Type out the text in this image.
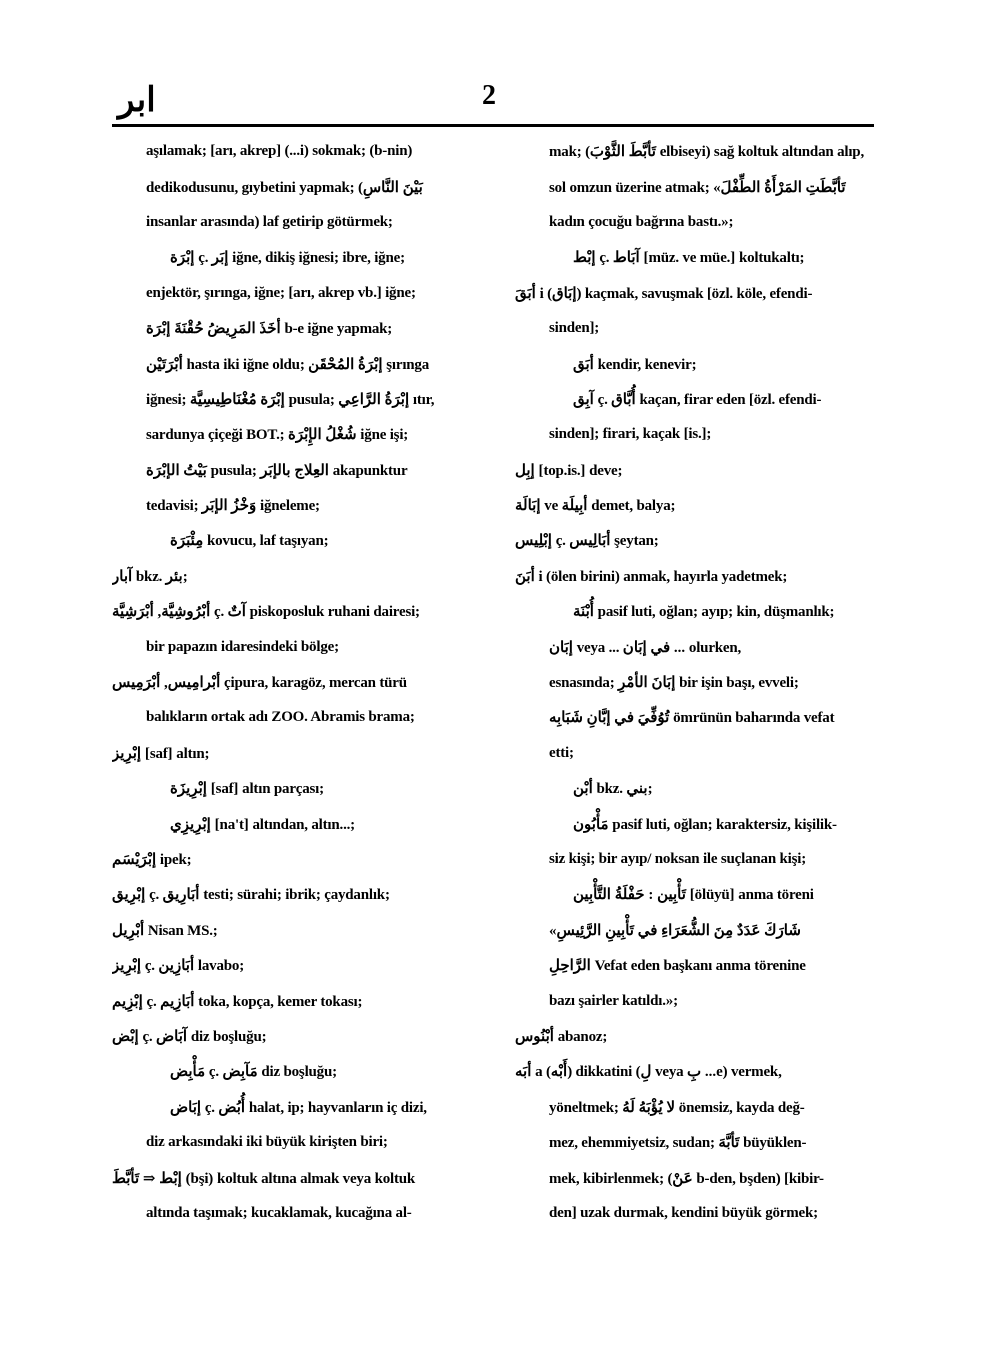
ابر	2
aşılamak; [arı, akrep] (...i) sokmak; (b-nin)
dedikodusunu, gıybetini yapmak; (بَيْنَ النَّاسِ
insanlar arasında) laf getirip götürmek;
إبْرَة ç. إبَر iğne, dikiş iğnesi; ibre, iğne;
enjektör, şırınga, iğne; [arı, akrep vb.] iğne;
أخَذَ المَرِيضُ حُقْنَةَ إبْرَة b-e iğne yapmak;
أبْرَتَيْن hasta iki iğne oldu; إبْرَةُ المُحْقَن şırınga
iğnesi; إبْرَة مُغْنَاطِيسِيَّة pusula; إبْرَةُ الرَّاعِي ıtır,
sardunya çiçeği BOT.; شُغْلُ الإِبْرَة iğne işi;
بَيْتُ الإبْرَة pusula; العِلاج بالإبَر akapunktur
tedavisi; وَخْزُ الإبَر iğneleme;
مِئْبَرَة kovucu, laf taşıyan;
آبار bkz. بئر;
أبْرُوشِيَّة, أبْرَشِيَّة ç. آتٌ piskoposluk ruhani dairesi;
bir papazın idaresindeki bölge;
أبْرامِيس, أبْرَمِيس çipura, karagöz, mercan türü
balıkların ortak adı ZOO. Abramis brama;
إبْرِيز [saf] altın;
إبْرِيزَة [saf] altın parçası;
إبْرِيزِي [na't] altından, altın...;
إبْرَيْسَم ipek;
إبْرِيق ç. أبَارِيق testi; sürahi; ibrik; çaydanlık;
أبْرِيل Nisan MS.;
إبْرِيز ç. أبَازِين lavabo;
إبْزِيم ç. أبَازِيم toka, kopça, kemer tokası;
إبْض ç. آبَاض diz boşluğu;
مَأْبِض ç. مَآبِض diz boşluğu;
إبَاض ç. أُبُض halat, ip; hayvanların iç dizi,
diz arkasındaki iki büyük kirişten biri;
إبْط ⇒ تَأبَّطَ (bşi) koltuk altına almak veya koltuk
altında taşımak; kucaklamak, kucağına al-
mak; (تَأبَّطَ الثَّوْبَ elbiseyi) sağ koltuk altından alıp,
sol omzun üzerine atmak; «تَأبَّطَتِ المَرْأَةُ الطِّفْلَ
kadın çocuğu bağrına bastı.»;
إبْط ç. آبَاط [müz. ve müe.] koltukaltı;
أبَقَ i (إبَاق) kaçmak, savuşmak [özl. köle, efendi-
sinden];
أبَق kendir, kenevir;
آبِق ç. أُبَّاق kaçan, firar eden [özl. efendi-
sinden]; firari, kaçak [is.];
إبِل [top.is.] deve;
إبَالَة ve أبِيلَة demet, balya;
إبْلِيس ç. أبَالِيس şeytan;
أبَنَ i (ölen birini) anmak, hayırla yadetmek;
أُبْنَة pasif luti, oğlan; ayıp; kin, düşmanlık;
إبَان veya ... في إبَان ... olurken,
esnasında; إبَانَ الأمْرِ bir işin başı, evveli;
تُوُفِّيَ في إبَّانِ شَبَابِه ömrünün baharında vefat
etti;
أبْن bkz. بني;
مَأْبُون pasif luti, oğlan; karaktersiz, kişilik-
siz kişi; bir ayıp/ noksan ile suçlanan kişi;
تَأْبِين : حَفْلَةُ التَّأْبِين [ölüyü] anma töreni
«شَارَكَ عَدَدٌ مِنَ الشُّعَرَاءِ في تَأْبِينِ الرَّئِيسِ
الرَّاحِلِ Vefat eden başkanı anma törenine
bazı şairler katıldı.»;
أبْنُوس abanoz;
أبَه a (أَبْه) dikkatini (لِ veya بِ ...e) vermek,
yöneltmek; لا يُؤْبَهُ لَهُ önemsiz, kayda değ-
mez, ehemmiyetsiz, sudan; تَأبَّهَ büyüklen-
mek, kibirlenmek; (عَنْ b-den, bşden) [kibir-
den] uzak durmak, kendini büyük görmek;
